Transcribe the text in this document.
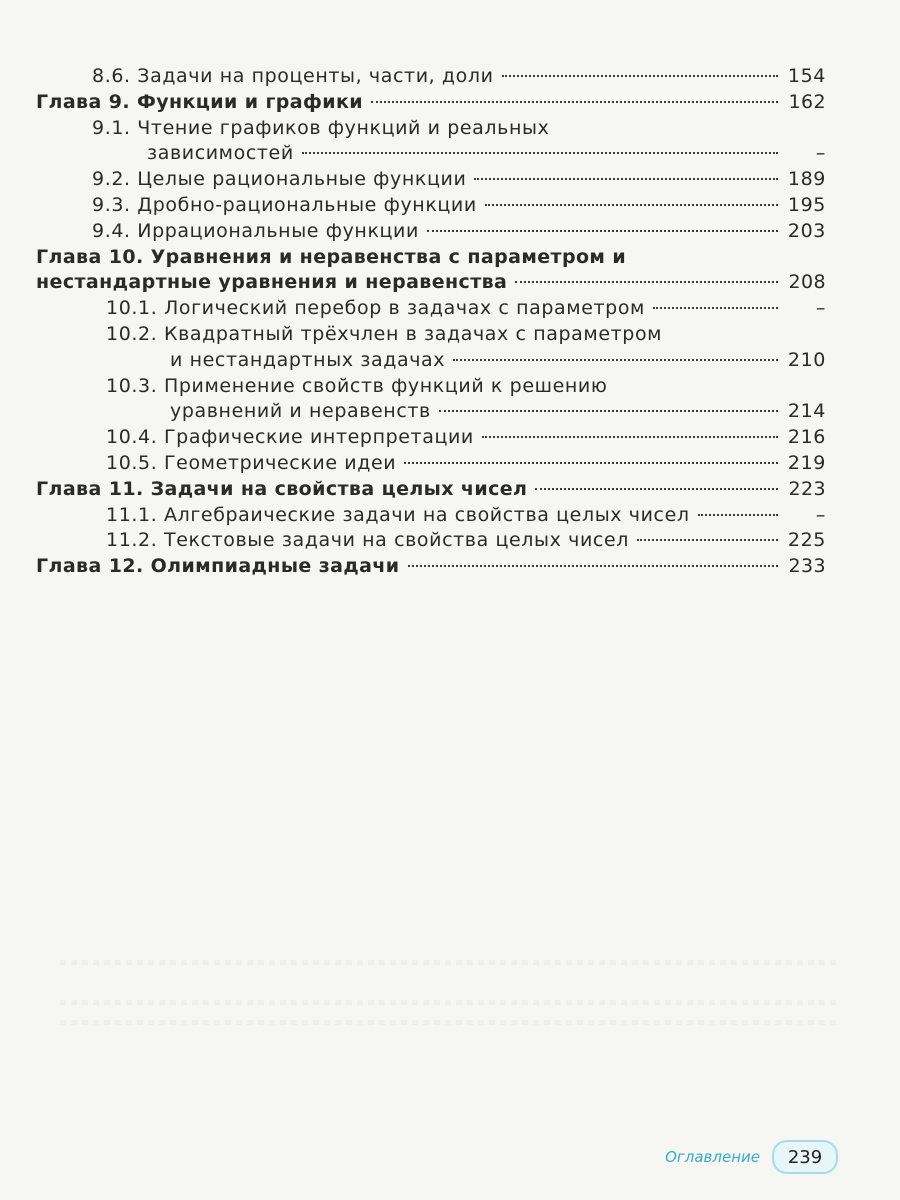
8.6. Задачи на проценты, части, доли	154
Глава 9. Функции и графики	162
9.1. Чтение графиков функций и реальных
зависимостей	–
9.2. Целые рациональные функции	189
9.3. Дробно-рациональные функции	195
9.4. Иррациональные функции	203
Глава 10. Уравнения и неравенства с параметром и
нестандартные уравнения и неравенства	208
10.1. Логический перебор в задачах с параметром	–
10.2. Квадратный трёхчлен в задачах с параметром
и нестандартных задачах	210
10.3. Применение свойств функций к решению
уравнений и неравенств	214
10.4. Графические интерпретации	216
10.5. Геометрические идеи	219
Глава 11. Задачи на свойства целых чисел	223
11.1. Алгебраические задачи на свойства целых чисел	–
11.2. Текстовые задачи на свойства целых чисел	225
Глава 12. Олимпиадные задачи	233
Оглавление	239
